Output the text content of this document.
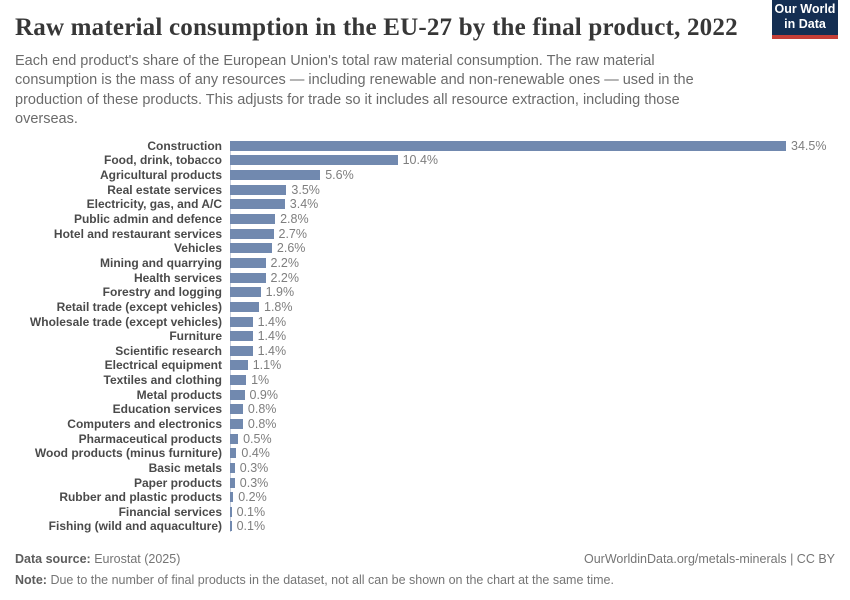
Raw material consumption in the EU-27 by the final product, 2022

Each end product's share of the European Union's total raw material consumption. The raw material consumption is the mass of any resources — including renewable and non-renewable ones — used in the production of these products. This adjusts for trade so it includes all resource extraction, including those overseas.

Our World
in Data
Construction	34.5%
Food, drink, tobacco	10.4%
Agricultural products	5.6%
Real estate services	3.5%
Electricity, gas, and A/C	3.4%
Public admin and defence	2.8%
Hotel and restaurant services	2.7%
Vehicles	2.6%
Mining and quarrying	2.2%
Health services	2.2%
Forestry and logging	1.9%
Retail trade (except vehicles)	1.8%
Wholesale trade (except vehicles)	1.4%
Furniture	1.4%
Scientific research	1.4%
Electrical equipment	1.1%
Textiles and clothing	1%
Metal products	0.9%
Education services	0.8%
Computers and electronics	0.8%
Pharmaceutical products	0.5%
Wood products (minus furniture)	0.4%
Basic metals	0.3%
Paper products	0.3%
Rubber and plastic products	0.2%
Financial services	0.1%
Fishing (wild and aquaculture)	0.1%
Data source: Eurostat (2025)	OurWorldinData.org/metals-minerals | CC BY
Note: Due to the number of final products in the dataset, not all can be shown on the chart at the same time.
